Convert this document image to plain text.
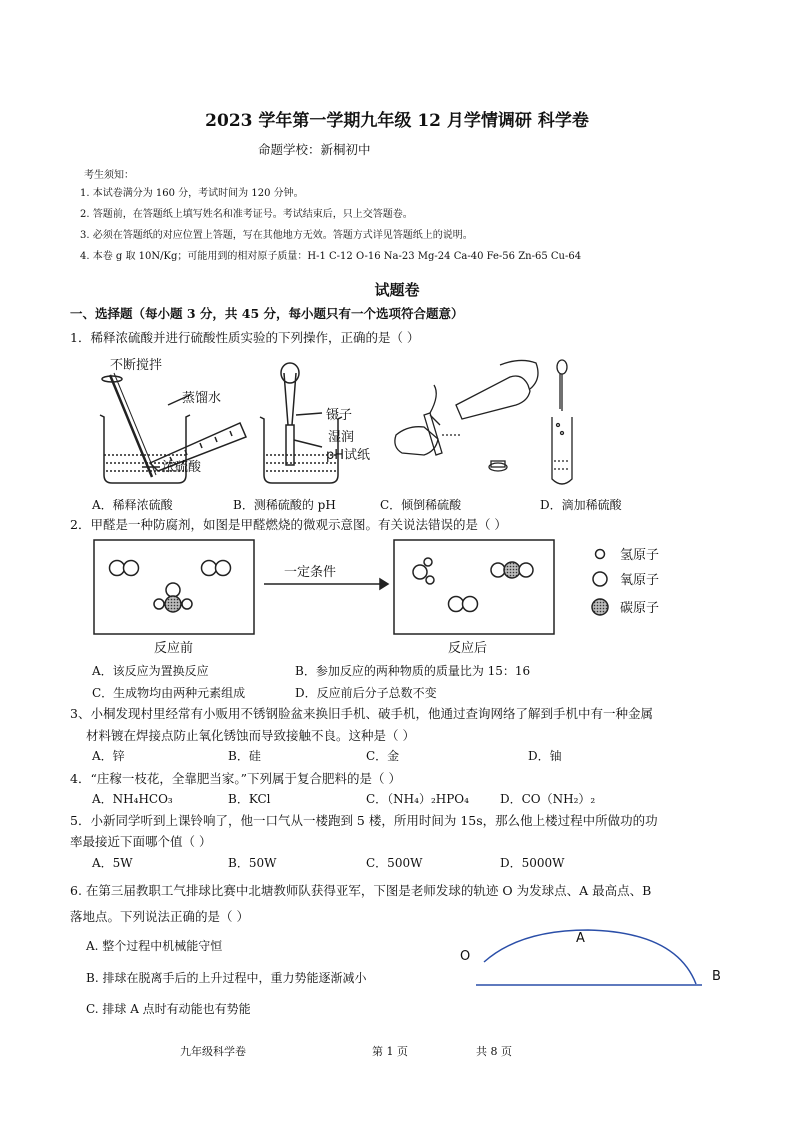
2023 学年第一学期九年级 12 月学情调研 科学卷
命题学校：新桐初中
考生须知：
1. 本试卷满分为 160 分，考试时间为 120 分钟。
2. 答题前，在答题纸上填写姓名和准考证号。考试结束后，只上交答题卷。
3. 必须在答题纸的对应位置上答题，写在其他地方无效。答题方式详见答题纸上的说明。
4. 本卷 g 取 10N/Kg；可能用到的相对原子质量：H-1 C-12 O-16 Na-23 Mg-24 Ca-40 Fe-56 Zn-65 Cu-64
试题卷
一、选择题（每小题 3 分，共 45 分，每小题只有一个选项符合题意）
1．稀释浓硫酸并进行硫酸性质实验的下列操作，正确的是（ ）
不断搅拌
蒸馏水
浓硫酸
镊子
湿润
pH试纸
A．稀释浓硫酸	B．测稀硫酸的 pH	C．倾倒稀硫酸	D．滴加稀硫酸
2．甲醛是一种防腐剂，如图是甲醛燃烧的微观示意图。有关说法错误的是（ ）
一定条件
氢原子
氧原子
碳原子
反应前	反应后
A．该反应为置换反应	B．参加反应的两种物质的质量比为 15：16
C．生成物均由两种元素组成	D．反应前后分子总数不变
3、小桐发现村里经常有小贩用不锈钢脸盆来换旧手机、破手机，他通过查询网络了解到手机中有一种金属
材料镀在焊接点防止氧化锈蚀而导致接触不良。这种是（ ）
A．锌	B．硅	C．金	D．铀
4．“庄稼一枝花，全靠肥当家。”下列属于复合肥料的是（ ）
A．NH₄HCO₃	B．KCl	C．（NH₄）₂HPO₄	D．CO（NH₂）₂
5．小新同学听到上课铃响了，他一口气从一楼跑到 5 楼，所用时间为 15s，那么他上楼过程中所做功的功
率最接近下面哪个值（ ）
A．5W	B．50W	C．500W	D．5000W
6. 在第三届教职工气排球比赛中北塘教师队获得亚军，下图是老师发球的轨迹 O 为发球点、A 最高点、B
落地点。下列说法正确的是（ ）
A. 整个过程中机械能守恒
B. 排球在脱离手后的上升过程中，重力势能逐渐减小
C. 排球 A 点时有动能也有势能
O
A
B
九年级科学卷	第 1 页	共 8 页
